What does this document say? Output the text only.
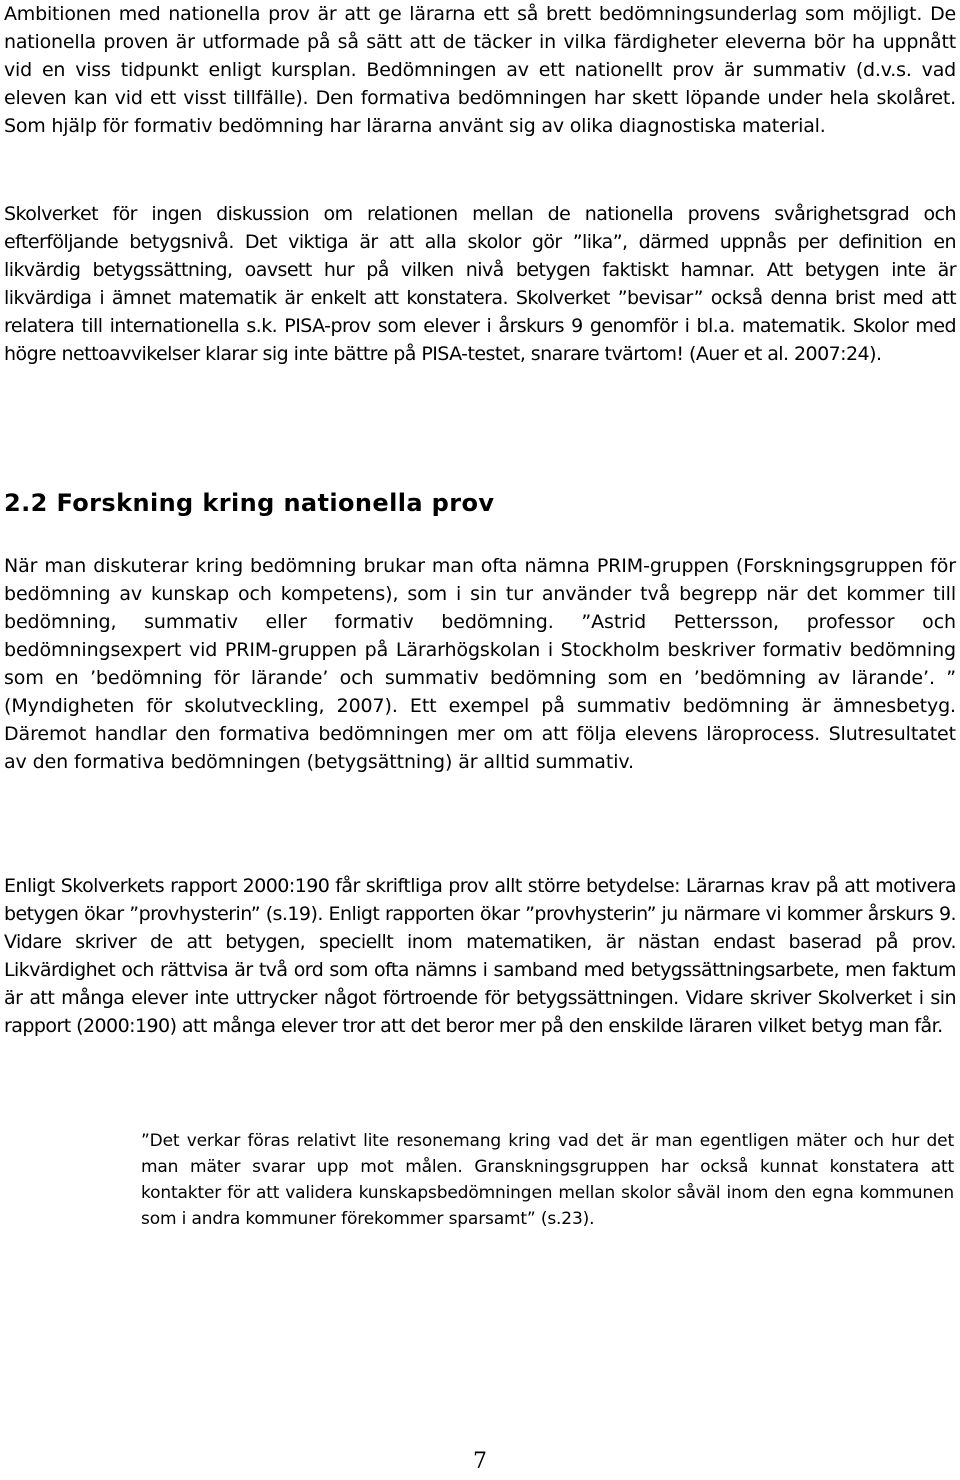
Ambitionen med nationella prov är att ge lärarna ett så brett bedömningsunderlag som möjligt. De nationella proven är utformade på så sätt att de täcker in vilka färdigheter eleverna bör ha uppnått vid en viss tidpunkt enligt kursplan. Bedömningen av ett nationellt prov är summativ (d.v.s. vad eleven kan vid ett visst tillfälle). Den formativa bedömningen har skett löpande under hela skolåret. Som hjälp för formativ bedömning har lärarna använt sig av olika diagnostiska material.

Skolverket för ingen diskussion om relationen mellan de nationella provens svårighetsgrad och efterföljande betygsnivå. Det viktiga är att alla skolor gör ”lika”, därmed uppnås per definition en likvärdig betygssättning, oavsett hur på vilken nivå betygen faktiskt hamnar. Att betygen inte är likvärdiga i ämnet matematik är enkelt att konstatera. Skolverket ”bevisar” också denna brist med att relatera till internationella s.k. PISA-prov som elever i årskurs 9 genomför i bl.a. matematik. Skolor med högre nettoavvikelser klarar sig inte bättre på PISA-testet, snarare tvärtom! (Auer et al. 2007:24).

2.2 Forskning kring nationella prov

När man diskuterar kring bedömning brukar man ofta nämna PRIM-gruppen (Forskningsgruppen för bedömning av kunskap och kompetens), som i sin tur använder två begrepp när det kommer till bedömning, summativ eller formativ bedömning. ”Astrid Pettersson, professor och bedömningsexpert vid PRIM-gruppen på Lärarhögskolan i Stockholm beskriver formativ bedömning som en ’bedömning för lärande’ och summativ bedömning som en ’bedömning av lärande’. ” (Myndigheten för skolutveckling, 2007). Ett exempel på summativ bedömning är ämnesbetyg. Däremot handlar den formativa bedömningen mer om att följa elevens läroprocess. Slutresultatet av den formativa bedömningen (betygsättning) är alltid summativ.

Enligt Skolverkets rapport 2000:190 får skriftliga prov allt större betydelse: Lärarnas krav på att motivera betygen ökar ”provhysterin” (s.19). Enligt rapporten ökar ”provhysterin” ju närmare vi kommer årskurs 9. Vidare skriver de att betygen, speciellt inom matematiken, är nästan endast baserad på prov. Likvärdighet och rättvisa är två ord som ofta nämns i samband med betygssättningsarbete, men faktum är att många elever inte uttrycker något förtroende för betygssättningen. Vidare skriver Skolverket i sin rapport (2000:190) att många elever tror att det beror mer på den enskilde läraren vilket betyg man får.

”Det verkar föras relativt lite resonemang kring vad det är man egentligen mäter och hur det man mäter svarar upp mot målen. Granskningsgruppen har också kunnat konstatera att kontakter för att validera kunskapsbedömningen mellan skolor såväl inom den egna kommunen som i andra kommuner förekommer sparsamt” (s.23).

7
